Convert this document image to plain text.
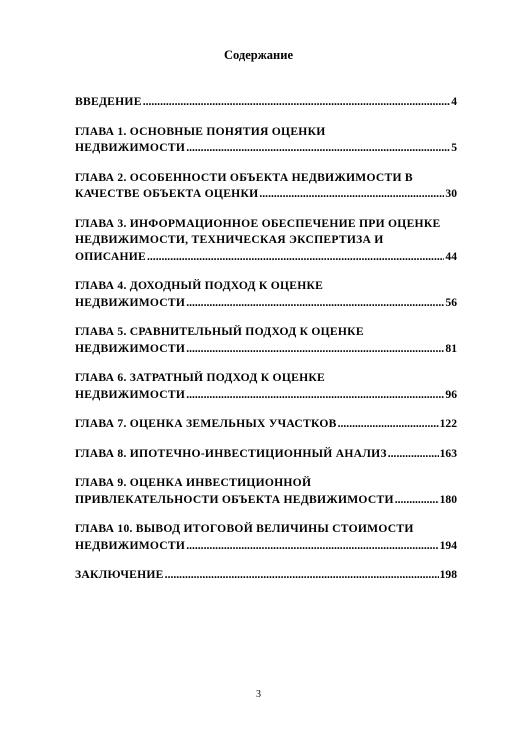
Содержание
ВВЕДЕНИЕ .....	4
ГЛАВА 1. ОСНОВНЫЕ ПОНЯТИЯ ОЦЕНКИ
НЕДВИЖИМОСТИ .....	5
ГЛАВА 2. ОСОБЕННОСТИ ОБЪЕКТА НЕДВИЖИМОСТИ В
КАЧЕСТВЕ ОБЪЕКТА ОЦЕНКИ .....	30
ГЛАВА 3. ИНФОРМАЦИОННОЕ ОБЕСПЕЧЕНИЕ ПРИ ОЦЕНКЕ
НЕДВИЖИМОСТИ, ТЕХНИЧЕСКАЯ ЭКСПЕРТИЗА И
ОПИСАНИЕ .....	44
ГЛАВА 4. ДОХОДНЫЙ ПОДХОД К ОЦЕНКЕ
НЕДВИЖИМОСТИ .....	56
ГЛАВА 5. СРАВНИТЕЛЬНЫЙ ПОДХОД К ОЦЕНКЕ
НЕДВИЖИМОСТИ .....	81
ГЛАВА 6. ЗАТРАТНЫЙ ПОДХОД К ОЦЕНКЕ
НЕДВИЖИМОСТИ .....	96
ГЛАВА 7. ОЦЕНКА ЗЕМЕЛЬНЫХ УЧАСТКОВ .....	122
ГЛАВА 8. ИПОТЕЧНО-ИНВЕСТИЦИОННЫЙ АНАЛИЗ .....	163
ГЛАВА 9. ОЦЕНКА ИНВЕСТИЦИОННОЙ
ПРИВЛЕКАТЕЛЬНОСТИ ОБЪЕКТА НЕДВИЖИМОСТИ .....	180
ГЛАВА 10. ВЫВОД ИТОГОВОЙ ВЕЛИЧИНЫ СТОИМОСТИ
НЕДВИЖИМОСТИ .....	194
ЗАКЛЮЧЕНИЕ .....	198
3
